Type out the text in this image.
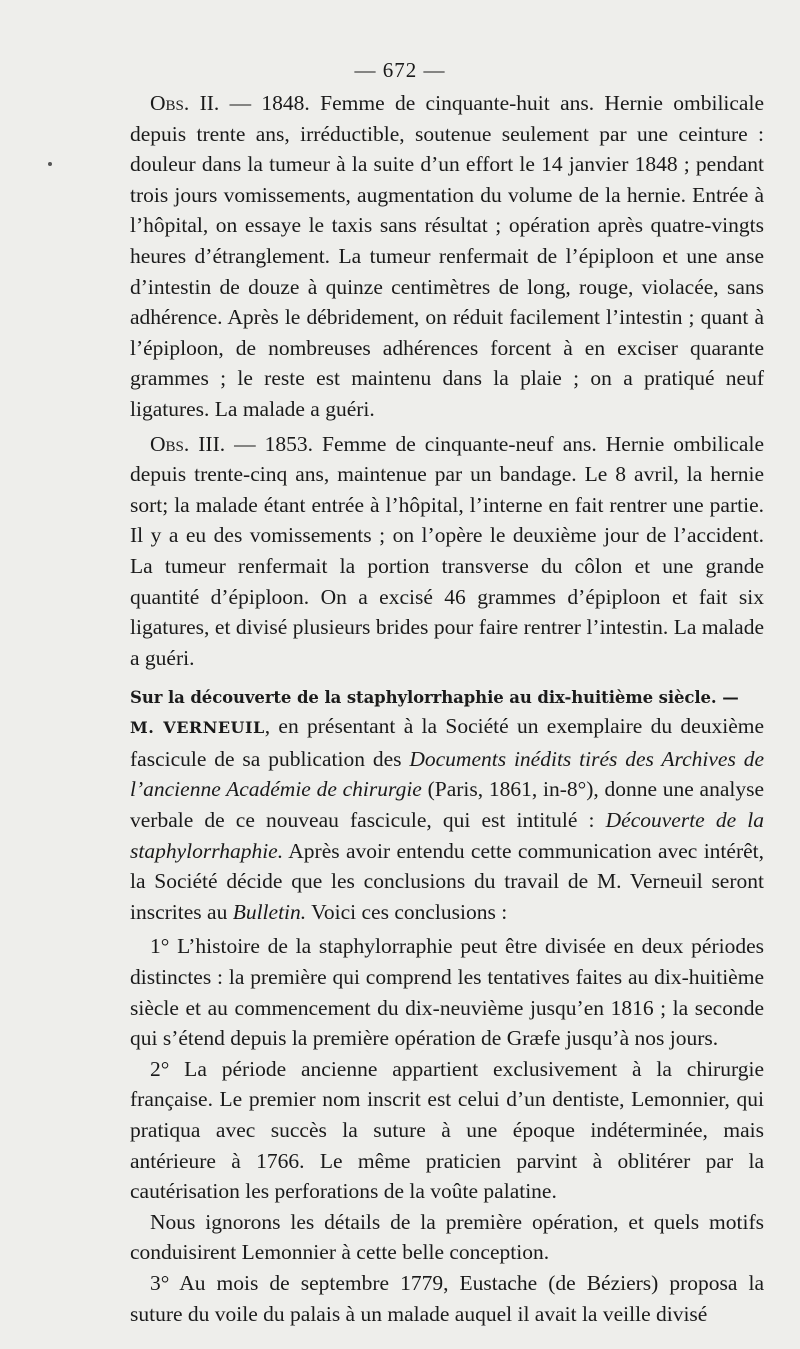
— 672 —

Obs. II. — 1848. Femme de cinquante-huit ans. Hernie ombilicale depuis trente ans, irréductible, soutenue seulement par une ceinture : douleur dans la tumeur à la suite d’un effort le 14 janvier 1848 ; pendant trois jours vomissements, augmentation du volume de la hernie. Entrée à l’hôpital, on essaye le taxis sans résultat ; opération après quatre-vingts heures d’étranglement. La tumeur renfermait de l’épiploon et une anse d’intestin de douze à quinze centimètres de long, rouge, violacée, sans adhérence. Après le débridement, on réduit facilement l’intestin ; quant à l’épiploon, de nombreuses adhérences forcent à en exciser quarante grammes ; le reste est maintenu dans la plaie ; on a pratiqué neuf ligatures. La malade a guéri.

Obs. III. — 1853. Femme de cinquante-neuf ans. Hernie ombilicale depuis trente-cinq ans, maintenue par un bandage. Le 8 avril, la hernie sort; la malade étant entrée à l’hôpital, l’interne en fait rentrer une partie. Il y a eu des vomissements ; on l’opère le deuxième jour de l’accident. La tumeur renfermait la portion transverse du côlon et une grande quantité d’épiploon. On a excisé 46 grammes d’épiploon et fait six ligatures, et divisé plusieurs brides pour faire rentrer l’intestin. La malade a guéri.

Sur la découverte de la staphylorrhaphie au dix-huitième siècle. —

M. VERNEUIL, en présentant à la Société un exemplaire du deuxième fascicule de sa publication des Documents inédits tirés des Archives de l’ancienne Académie de chirurgie (Paris, 1861, in-8°), donne une analyse verbale de ce nouveau fascicule, qui est intitulé : Découverte de la staphylorrhaphie. Après avoir entendu cette communication avec intérêt, la Société décide que les conclusions du travail de M. Verneuil seront inscrites au Bulletin. Voici ces conclusions :

1° L’histoire de la staphylorraphie peut être divisée en deux périodes distinctes : la première qui comprend les tentatives faites au dix-huitième siècle et au commencement du dix-neuvième jusqu’en 1816 ; la seconde qui s’étend depuis la première opération de Græfe jusqu’à nos jours.

2° La période ancienne appartient exclusivement à la chirurgie française. Le premier nom inscrit est celui d’un dentiste, Lemonnier, qui pratiqua avec succès la suture à une époque indéterminée, mais antérieure à 1766. Le même praticien parvint à oblitérer par la cautérisation les perforations de la voûte palatine.

Nous ignorons les détails de la première opération, et quels motifs conduisirent Lemonnier à cette belle conception.

3° Au mois de septembre 1779, Eustache (de Béziers) proposa la suture du voile du palais à un malade auquel il avait la veille divisé
